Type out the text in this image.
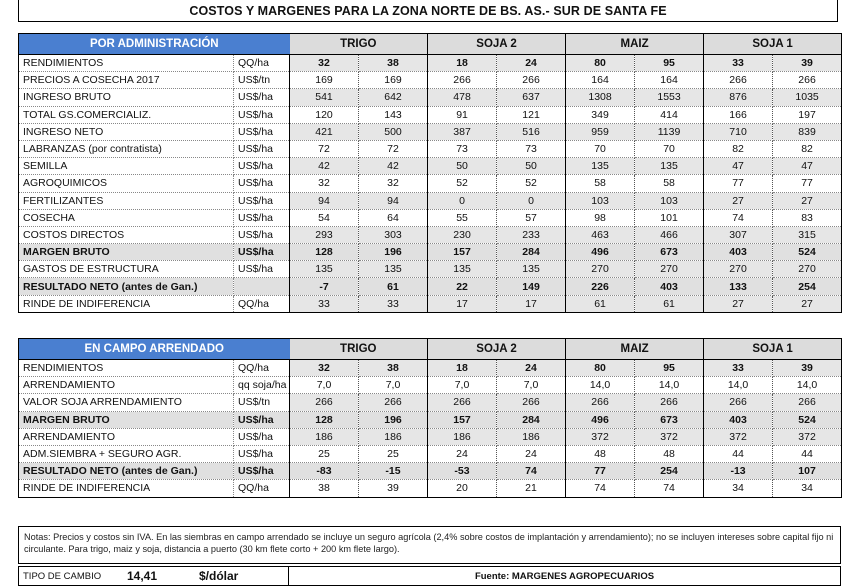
COSTOS Y MARGENES PARA LA ZONA NORTE DE BS. AS.- SUR DE SANTA FE
POR ADMINISTRACIÓN		TRIGO		SOJA 2		MAIZ		SOJA 1	
RENDIMIENTOS	QQ/ha	32	38	18	24	80	95	33	39
PRECIOS A COSECHA 2017	US$/tn	169	169	266	266	164	164	266	266
INGRESO BRUTO	US$/ha	541	642	478	637	1308	1553	876	1035
TOTAL GS.COMERCIALIZ.	US$/ha	120	143	91	121	349	414	166	197
INGRESO NETO	US$/ha	421	500	387	516	959	1139	710	839
LABRANZAS (por contratista)	US$/ha	72	72	73	73	70	70	82	82
SEMILLA	US$/ha	42	42	50	50	135	135	47	47
AGROQUIMICOS	US$/ha	32	32	52	52	58	58	77	77
FERTILIZANTES	US$/ha	94	94	0	0	103	103	27	27
COSECHA	US$/ha	54	64	55	57	98	101	74	83
COSTOS DIRECTOS	US$/ha	293	303	230	233	463	466	307	315
MARGEN BRUTO	US$/ha	128	196	157	284	496	673	403	524
GASTOS DE ESTRUCTURA	US$/ha	135	135	135	135	270	270	270	270
RESULTADO NETO (antes de Gan.)		-7	61	22	149	226	403	133	254
RINDE DE INDIFERENCIA	QQ/ha	33	33	17	17	61	61	27	27
EN CAMPO ARRENDADO		TRIGO		SOJA 2		MAIZ		SOJA 1	
RENDIMIENTOS	QQ/ha	32	38	18	24	80	95	33	39
ARRENDAMIENTO	qq soja/ha	7,0	7,0	7,0	7,0	14,0	14,0	14,0	14,0
VALOR SOJA ARRENDAMIENTO	US$/tn	266	266	266	266	266	266	266	266
MARGEN BRUTO	US$/ha	128	196	157	284	496	673	403	524
ARRENDAMIENTO	US$/ha	186	186	186	186	372	372	372	372
ADM.SIEMBRA + SEGURO AGR.	US$/ha	25	25	24	24	48	48	44	44
RESULTADO NETO (antes de Gan.)	US$/ha	-83	-15	-53	74	77	254	-13	107
RINDE DE INDIFERENCIA	QQ/ha	38	39	20	21	74	74	34	34
Notas: Precios y costos sin IVA. En las siembras en campo arrendado se incluye un seguro agrícola (2,4% sobre costos de implantación y arrendamiento); no se incluyen intereses sobre capital fijo ni circulante. Para trigo, maiz y soja, distancia a puerto (30 km flete corto + 200 km flete largo).
TIPO DE CAMBIO	14,41	$/dólar	Fuente: MARGENES AGROPECUARIOS
